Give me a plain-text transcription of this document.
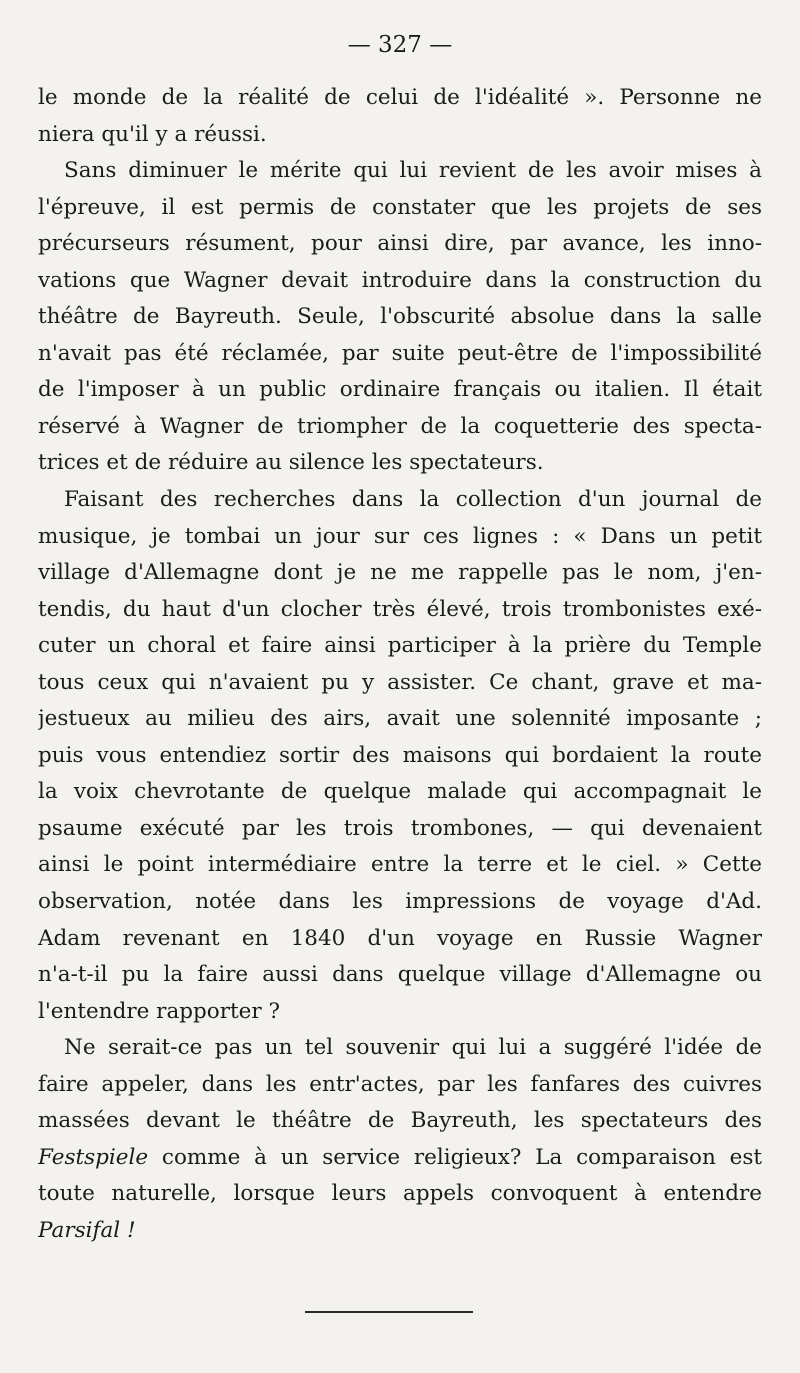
— 327 —
le monde de la réalité de celui de l'idéalité ». Personne ne
niera qu'il y a réussi.
Sans diminuer le mérite qui lui revient de les avoir mises à
l'épreuve, il est permis de constater que les projets de ses
précurseurs résument, pour ainsi dire, par avance, les inno-
vations que Wagner devait introduire dans la construction du
théâtre de Bayreuth. Seule, l'obscurité absolue dans la salle
n'avait pas été réclamée, par suite peut-être de l'impossibilité
de l'imposer à un public ordinaire français ou italien. Il était
réservé à Wagner de triompher de la coquetterie des specta-
trices et de réduire au silence les spectateurs.
Faisant des recherches dans la collection d'un journal de
musique, je tombai un jour sur ces lignes : « Dans un petit
village d'Allemagne dont je ne me rappelle pas le nom, j'en-
tendis, du haut d'un clocher très élevé, trois trombonistes exé-
cuter un choral et faire ainsi participer à la prière du Temple
tous ceux qui n'avaient pu y assister. Ce chant, grave et ma-
jestueux au milieu des airs, avait une solennité imposante ;
puis vous entendiez sortir des maisons qui bordaient la route
la voix chevrotante de quelque malade qui accompagnait le
psaume exécuté par les trois trombones, — qui devenaient
ainsi le point intermédiaire entre la terre et le ciel. » Cette
observation, notée dans les impressions de voyage d'Ad.
Adam revenant en 1840 d'un voyage en Russie Wagner
n'a-t-il pu la faire aussi dans quelque village d'Allemagne ou
l'entendre rapporter ?
Ne serait-ce pas un tel souvenir qui lui a suggéré l'idée de
faire appeler, dans les entr'actes, par les fanfares des cuivres
massées devant le théâtre de Bayreuth, les spectateurs des
Festspiele comme à un service religieux? La comparaison est
toute naturelle, lorsque leurs appels convoquent à entendre
Parsifal !
